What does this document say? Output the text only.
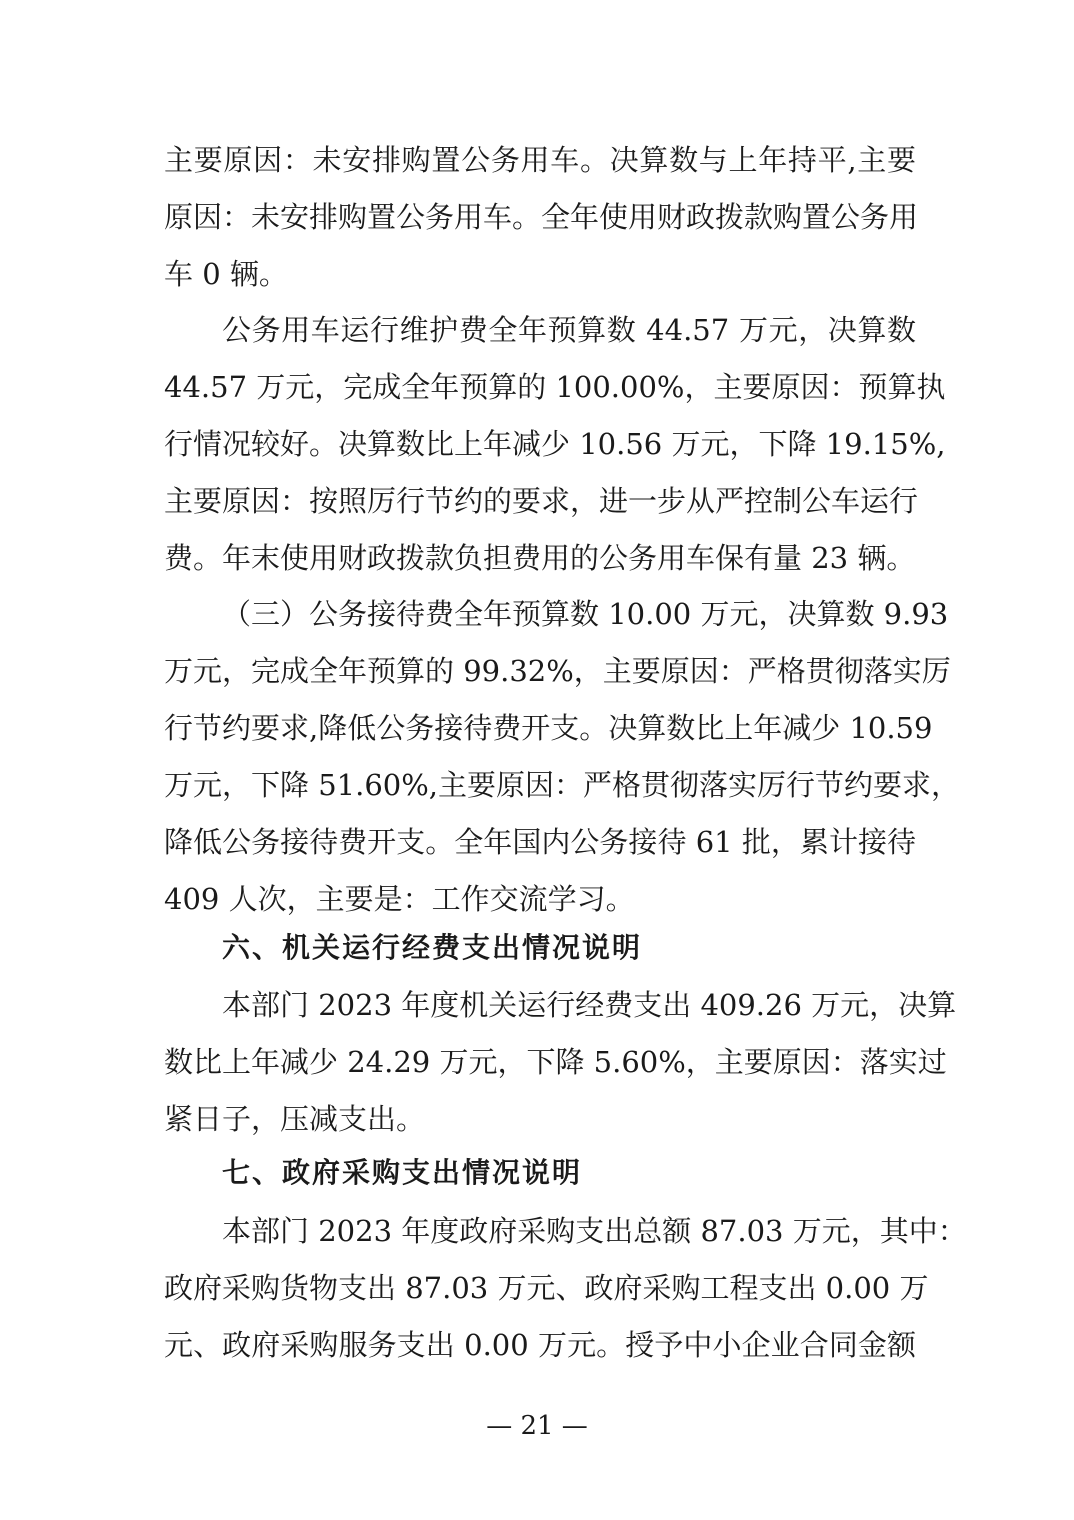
主要原因：未安排购置公务用车。决算数与上年持平,主要
原因：未安排购置公务用车。全年使用财政拨款购置公务用
车 0 辆。
公务用车运行维护费全年预算数 44.57 万元，决算数
44.57 万元，完成全年预算的 100.00%，主要原因：预算执
行情况较好。决算数比上年减少 10.56 万元，下降 19.15%,
主要原因：按照厉行节约的要求，进一步从严控制公车运行
费。年末使用财政拨款负担费用的公务用车保有量 23 辆。
（三）公务接待费全年预算数 10.00 万元，决算数 9.93
万元，完成全年预算的 99.32%，主要原因：严格贯彻落实厉
行节约要求,降低公务接待费开支。决算数比上年减少 10.59
万元，下降 51.60%,主要原因：严格贯彻落实厉行节约要求，
降低公务接待费开支。全年国内公务接待 61 批，累计接待
409 人次，主要是：工作交流学习。
六、机关运行经费支出情况说明
本部门 2023 年度机关运行经费支出 409.26 万元，决算
数比上年减少 24.29 万元，下降 5.60%，主要原因：落实过
紧日子，压减支出。
七、政府采购支出情况说明
本部门 2023 年度政府采购支出总额 87.03 万元，其中：
政府采购货物支出 87.03 万元、政府采购工程支出 0.00 万
元、政府采购服务支出 0.00 万元。授予中小企业合同金额
— 21 —
